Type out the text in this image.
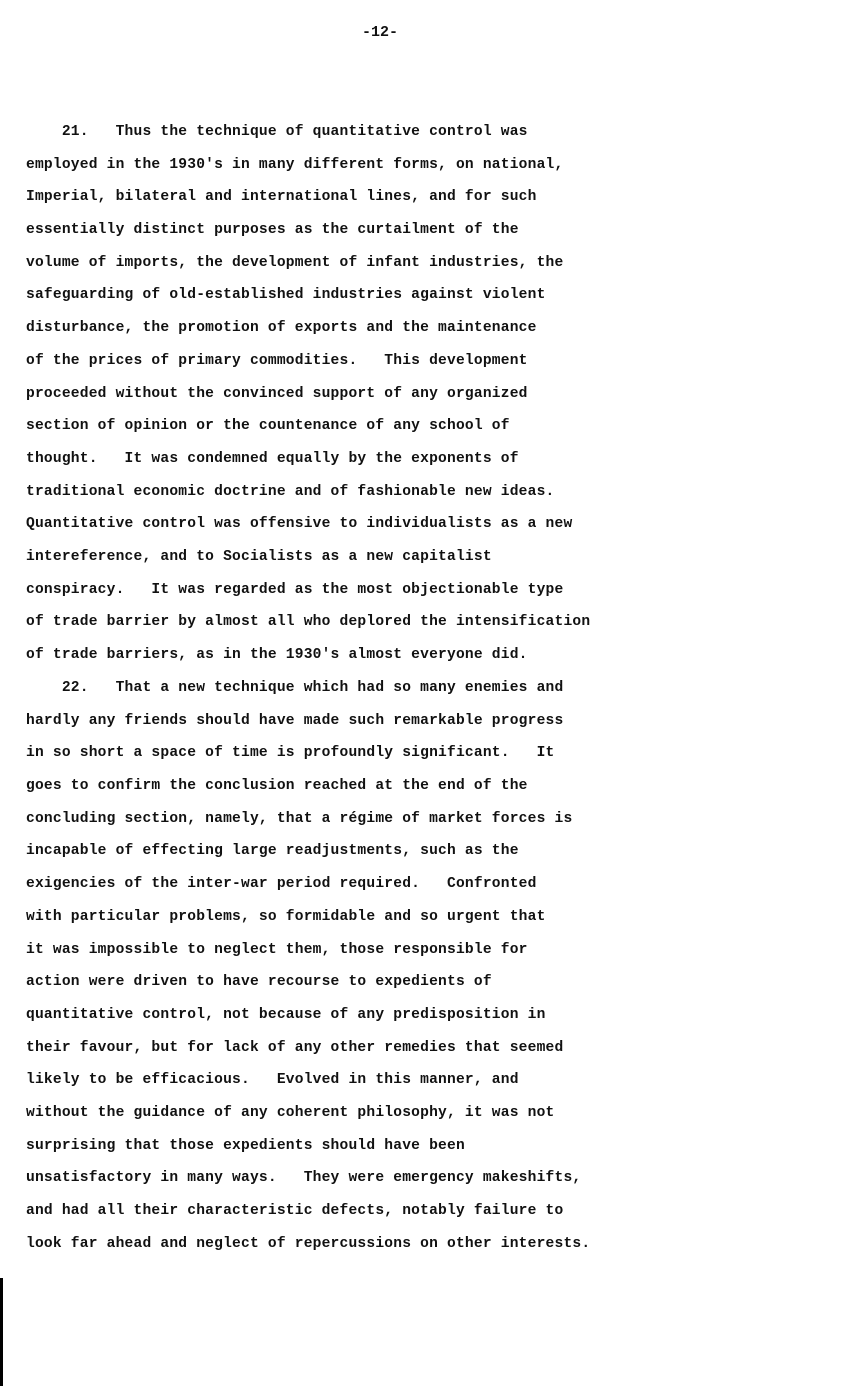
-12-
21.   Thus the technique of quantitative control was
employed in the 1930's in many different forms, on national,
Imperial, bilateral and international lines, and for such
essentially distinct purposes as the curtailment of the
volume of imports, the development of infant industries, the
safeguarding of old-established industries against violent
disturbance, the promotion of exports and the maintenance
of the prices of primary commodities.   This development
proceeded without the convinced support of any organized
section of opinion or the countenance of any school of
thought.   It was condemned equally by the exponents of
traditional economic doctrine and of fashionable new ideas.
Quantitative control was offensive to individualists as a new
intereference, and to Socialists as a new capitalist
conspiracy.   It was regarded as the most objectionable type
of trade barrier by almost all who deplored the intensification
of trade barriers, as in the 1930's almost everyone did.
22.   That a new technique which had so many enemies and
hardly any friends should have made such remarkable progress
in so short a space of time is profoundly significant.   It
goes to confirm the conclusion reached at the end of the
concluding section, namely, that a régime of market forces is
incapable of effecting large readjustments, such as the
exigencies of the inter-war period required.   Confronted
with particular problems, so formidable and so urgent that
it was impossible to neglect them, those responsible for
action were driven to have recourse to expedients of
quantitative control, not because of any predisposition in
their favour, but for lack of any other remedies that seemed
likely to be efficacious.   Evolved in this manner, and
without the guidance of any coherent philosophy, it was not
surprising that those expedients should have been
unsatisfactory in many ways.   They were emergency makeshifts,
and had all their characteristic defects, notably failure to
look far ahead and neglect of repercussions on other interests.
